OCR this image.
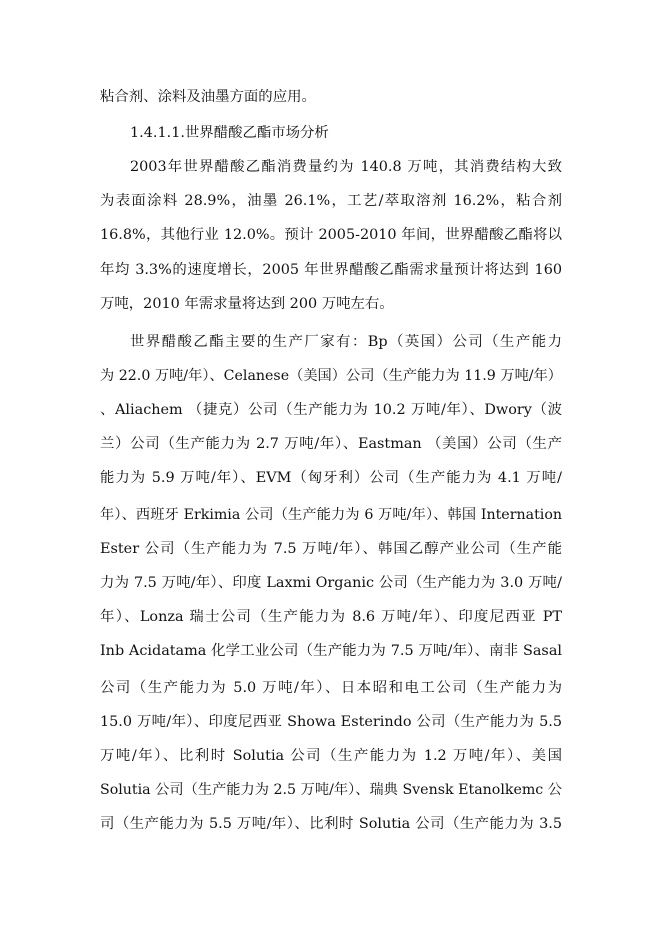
粘合剂、涂料及油墨方面的应用。
1.4.1.1.世界醋酸乙酯市场分析
2003年世界醋酸乙酯消费量约为 140.8 万吨，其消费结构大致
为表面涂料 28.9%，油墨 26.1%，工艺/萃取溶剂 16.2%，粘合剂
16.8%，其他行业 12.0%。预计 2005-2010 年间，世界醋酸乙酯将以
年均 3.3%的速度增长，2005 年世界醋酸乙酯需求量预计将达到 160
万吨，2010 年需求量将达到 200 万吨左右。
世界醋酸乙酯主要的生产厂家有：Bp（英国）公司（生产能力
为 22.0 万吨/年）、Celanese（美国）公司（生产能力为 11.9 万吨/年）
、Aliachem （捷克）公司（生产能力为 10.2 万吨/年）、Dwory（波
兰）公司（生产能力为 2.7 万吨/年）、Eastman （美国）公司（生产
能力为 5.9 万吨/年）、EVM（匈牙利）公司（生产能力为 4.1 万吨/
年）、西班牙 Erkimia 公司（生产能力为 6 万吨/年）、韩国 Internation
Ester 公司（生产能力为 7.5 万吨/年）、韩国乙醇产业公司（生产能
力为 7.5 万吨/年）、印度 Laxmi Organic 公司（生产能力为 3.0 万吨/
年）、Lonza 瑞士公司（生产能力为 8.6 万吨/年）、印度尼西亚 PT
Inb Acidatama 化学工业公司（生产能力为 7.5 万吨/年）、南非 Sasal
公司（生产能力为 5.0 万吨/年）、日本昭和电工公司（生产能力为
15.0 万吨/年）、印度尼西亚 Showa Esterindo 公司（生产能力为 5.5
万吨/年）、比利时 Solutia 公司（生产能力为 1.2 万吨/年）、美国
Solutia 公司（生产能力为 2.5 万吨/年）、瑞典 Svensk Etanolkemc 公
司（生产能力为 5.5 万吨/年）、比利时 Solutia 公司（生产能力为 3.5
